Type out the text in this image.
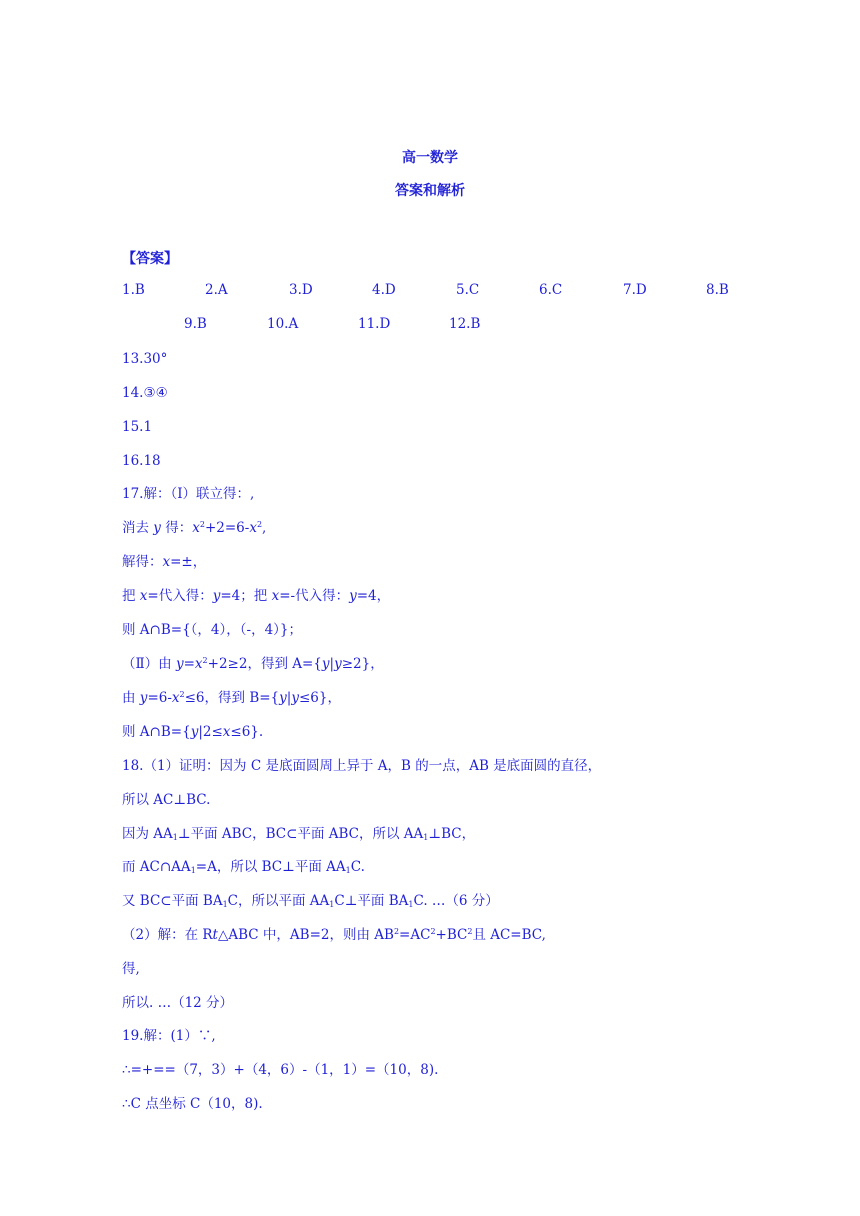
高一数学
答案和解析
【答案】
1.B	2.A	3.D	4.D	5.C	6.C	7.D	8.B
9.B	10.A	11.D	12.B
13.30°
14.③④
15.1
16.18
17.解：（Ⅰ）联立得：,
消去 y 得：$x^2+2=6-x^2$,
解得：x=±，
把 x=代入得：y=4；把 x=-代入得：y=4，
则 A∩B={（，4），（-，4）}；
（Ⅱ）由 $y=x^2+2\ge 2$，得到 A={y|y≥2}，
由 $y=6-x^2\le 6$，得到 B={y|y≤6}，
则 A∩B={y|2≤x≤6}.
18.（1）证明：因为 C 是底面圆周上异于 A，B 的一点，AB 是底面圆的直径，
所以 AC⊥BC.
因为 $AA_1\perp$平面 ABC，BC⊂平面 ABC，所以 $AA_1\perp BC$，
而 $AC\cap AA_1=A$，所以 BC⊥平面 $AA_1C$.
又 BC⊂平面 $BA_1C$，所以平面 $AA_1C\perp$平面 $BA_1C$. …（6 分）
（2）解：在 Rt△ABC 中，AB=2，则由 $AB^2=AC^2+BC^2$且 AC=BC,
得,
所以. …（12 分）
19.解：(1）∵,
∴=+==（7，3）+（4，6）-（1，1）=（10，8).
∴C 点坐标 C（10，8).
